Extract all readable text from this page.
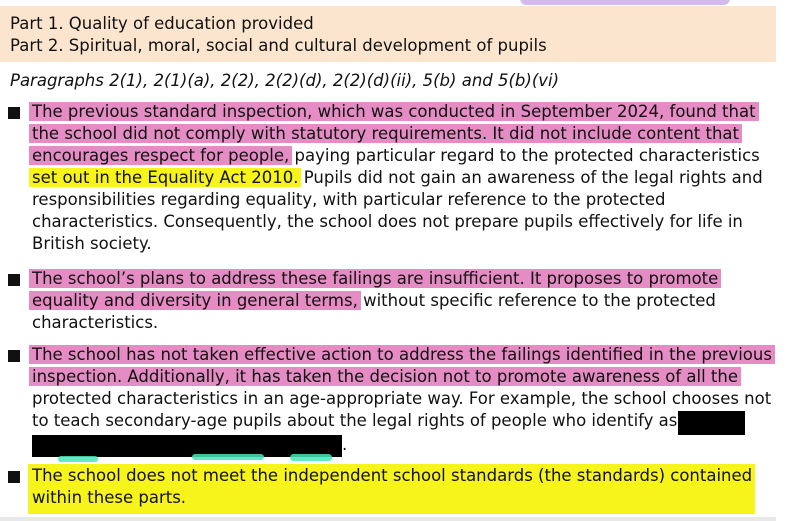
Part 1. Quality of education provided
Part 2. Spiritual, moral, social and cultural development of pupils
Paragraphs 2(1), 2(1)(a), 2(2), 2(2)(d), 2(2)(d)(ii), 5(b) and 5(b)(vi)
The previous standard inspection, which was conducted in September 2024, found that
the school did not comply with statutory requirements. It did not include content that
encourages respect for people, paying particular regard to the protected characteristics
set out in the Equality Act 2010. Pupils did not gain an awareness of the legal rights and
responsibilities regarding equality, with particular reference to the protected
characteristics. Consequently, the school does not prepare pupils effectively for life in
British society.
The school’s plans to address these failings are insufficient. It proposes to promote
equality and diversity in general terms, without specific reference to the protected
characteristics.
The school has not taken effective action to address the failings identified in the previous
inspection. Additionally, it has taken the decision not to promote awareness of all the
protected characteristics in an age-appropriate way. For example, the school chooses not
to teach secondary-age pupils about the legal rights of people who identify as
.
The school does not meet the independent school standards (the standards) contained
within these parts.
